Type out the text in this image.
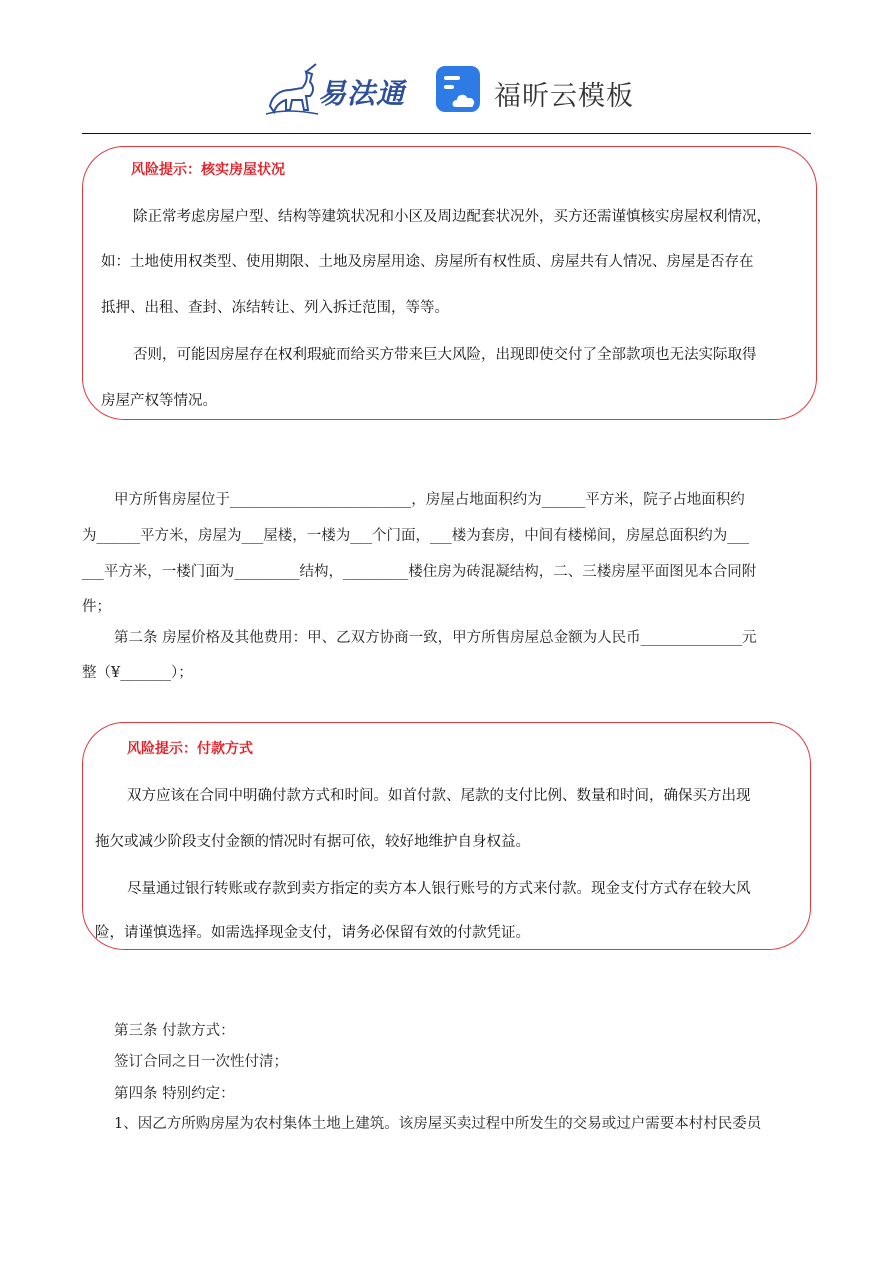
易法通	福昕云模板
风险提示：核实房屋状况
除正常考虑房屋户型、结构等建筑状况和小区及周边配套状况外，买方还需谨慎核实房屋权利情况，
如：土地使用权类型、使用期限、土地及房屋用途、房屋所有权性质、房屋共有人情况、房屋是否存在
抵押、出租、查封、冻结转让、列入拆迁范围，等等。
否则，可能因房屋存在权利瑕疵而给买方带来巨大风险，出现即使交付了全部款项也无法实际取得
房屋产权等情况。
甲方所售房屋位于_________________________，房屋占地面积约为______平方米，院子占地面积约
为______平方米，房屋为___屋楼，一楼为___个门面，___楼为套房，中间有楼梯间，房屋总面积约为___
___平方米，一楼门面为_________结构，_________楼住房为砖混凝结构，二、三楼房屋平面图见本合同附
件；
第二条 房屋价格及其他费用：甲、乙双方协商一致，甲方所售房屋总金额为人民币______________元
整（¥_______）；
风险提示：付款方式
双方应该在合同中明确付款方式和时间。如首付款、尾款的支付比例、数量和时间，确保买方出现
拖欠或减少阶段支付金额的情况时有据可依，较好地维护自身权益。
尽量通过银行转账或存款到卖方指定的卖方本人银行账号的方式来付款。现金支付方式存在较大风
险，请谨慎选择。如需选择现金支付，请务必保留有效的付款凭证。
第三条 付款方式：
签订合同之日一次性付清；
第四条 特别约定：
1、因乙方所购房屋为农村集体土地上建筑。该房屋买卖过程中所发生的交易或过户需要本村村民委员
